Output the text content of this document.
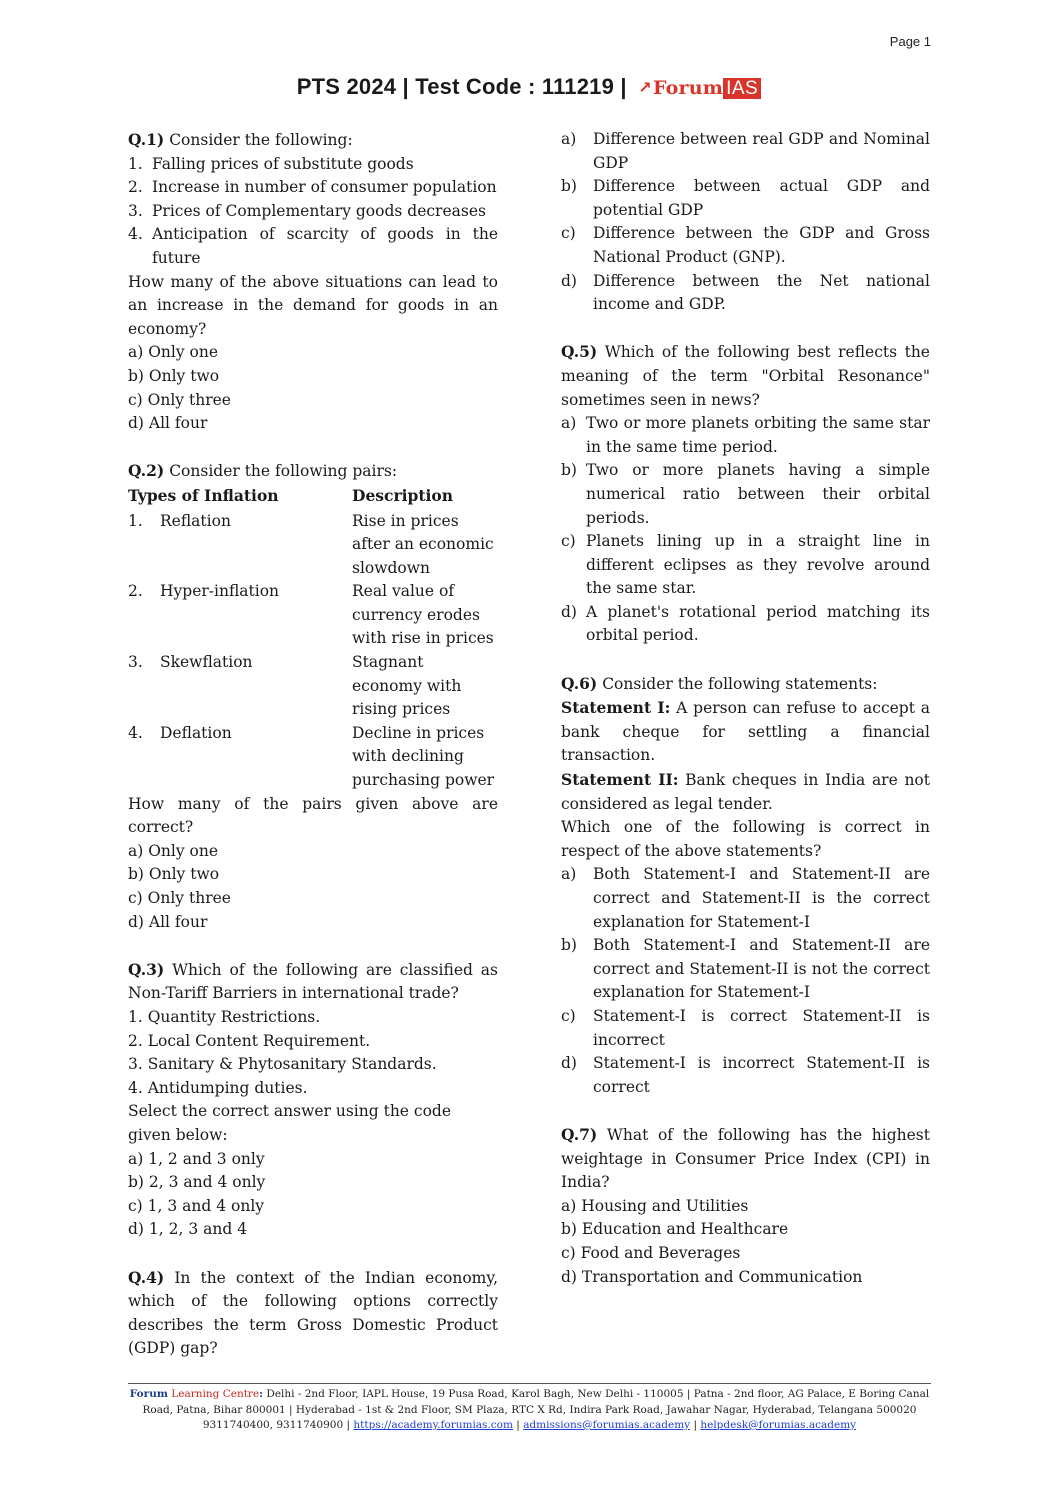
Page 1
PTS 2024 | Test Code : 111219 | ↗Forum IAS

Q.1) Consider the following:

1. Falling prices of substitute goods
2. Increase in number of consumer population
3. Prices of Complementary goods decreases
4. Anticipation of scarcity of goods in the future

How many of the above situations can lead to an increase in the demand for goods in an economy?

a) Only one

b) Only two

c) Only three

d) All four

Q.2) Consider the following pairs:

Types of Inflation		Description
1.	Reflation	Rise in prices after an economic slowdown
2.	Hyper-inflation	Real value of currency erodes with rise in prices
3.	Skewflation	Stagnant economy with rising prices
4.	Deflation	Decline in prices with declining purchasing power

How many of the pairs given above are correct?

a) Only one

b) Only two

c) Only three

d) All four

Q.3) Which of the following are classified as Non-Tariff Barriers in international trade?

1. Quantity Restrictions.

2. Local Content Requirement.

3. Sanitary & Phytosanitary Standards.

4. Antidumping duties.

Select the correct answer using the code given below:

a) 1, 2 and 3 only

b) 2, 3 and 4 only

c) 1, 3 and 4 only

d) 1, 2, 3 and 4

Q.4) In the context of the Indian economy, which of the following options correctly describes the term Gross Domestic Product (GDP) gap?

a)	Difference between real GDP and Nominal GDP
b)	Difference between actual GDP and potential GDP
c)	Difference between the GDP and Gross National Product (GNP).
d)	Difference between the Net national income and GDP.

Q.5) Which of the following best reflects the meaning of the term "Orbital Resonance" sometimes seen in news?

a) Two or more planets orbiting the same star in the same time period.
b) Two or more planets having a simple numerical ratio between their orbital periods.
c) Planets lining up in a straight line in different eclipses as they revolve around the same star.
d) A planet's rotational period matching its orbital period.

Q.6) Consider the following statements:

Statement I: A person can refuse to accept a bank cheque for settling a financial transaction.

Statement II: Bank cheques in India are not considered as legal tender.

Which one of the following is correct in respect of the above statements?

a)	Both Statement-I and Statement-II are correct and Statement-II is the correct explanation for Statement-I
b)	Both Statement-I and Statement-II are correct and Statement-II is not the correct explanation for Statement-I
c)	Statement-I is correct Statement-II is incorrect
d)	Statement-I is incorrect Statement-II is correct

Q.7) What of the following has the highest weightage in Consumer Price Index (CPI) in India?

a) Housing and Utilities

b) Education and Healthcare

c) Food and Beverages

d) Transportation and Communication

Forum Learning Centre: Delhi - 2nd Floor, IAPL House, 19 Pusa Road, Karol Bagh, New Delhi - 110005 | Patna - 2nd floor, AG Palace, E Boring Canal Road, Patna, Bihar 800001 | Hyderabad - 1st & 2nd Floor, SM Plaza, RTC X Rd, Indira Park Road, Jawahar Nagar, Hyderabad, Telangana 500020
9311740400, 9311740900 | https://academy.forumias.com | admissions@forumias.academy | helpdesk@forumias.academy
